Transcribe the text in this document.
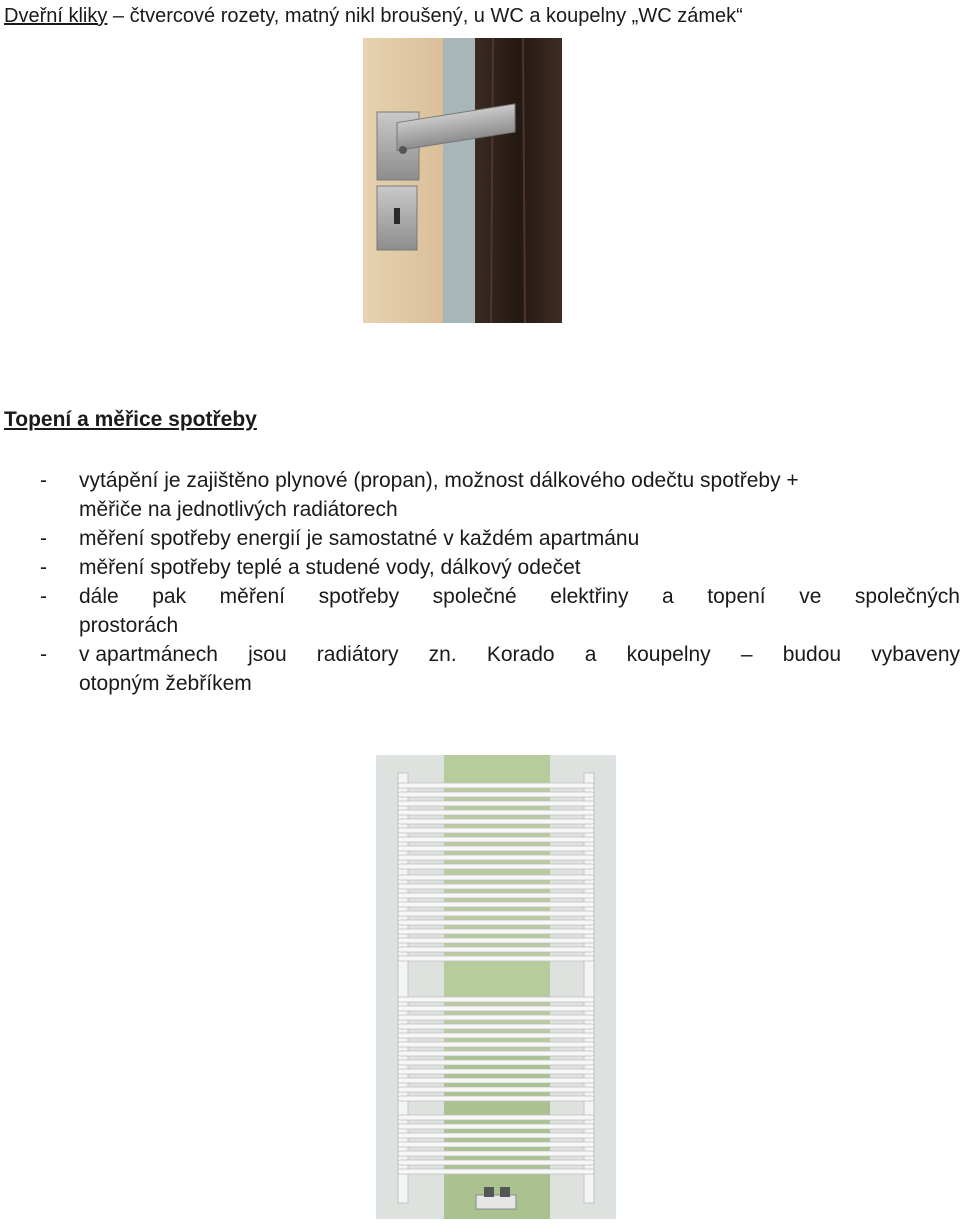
Dveřní kliky – čtvercové rozety, matný nikl broušený, u WC a koupelny „WC zámek“
Topení a měřice spotřeby
- vytápění je zajištěno plynové (propan), možnost dálkového odečtu spotřeby +
měřiče na jednotlivých radiátorech
- měření spotřeby energií je samostatné v každém apartmánu
- měření spotřeby teplé a studené vody, dálkový odečet
- dále pak měření spotřeby společné elektřiny a topení ve společných
prostorách
- v apartmánech jsou radiátory zn. Korado a koupelny – budou vybaveny
otopným žebříkem
